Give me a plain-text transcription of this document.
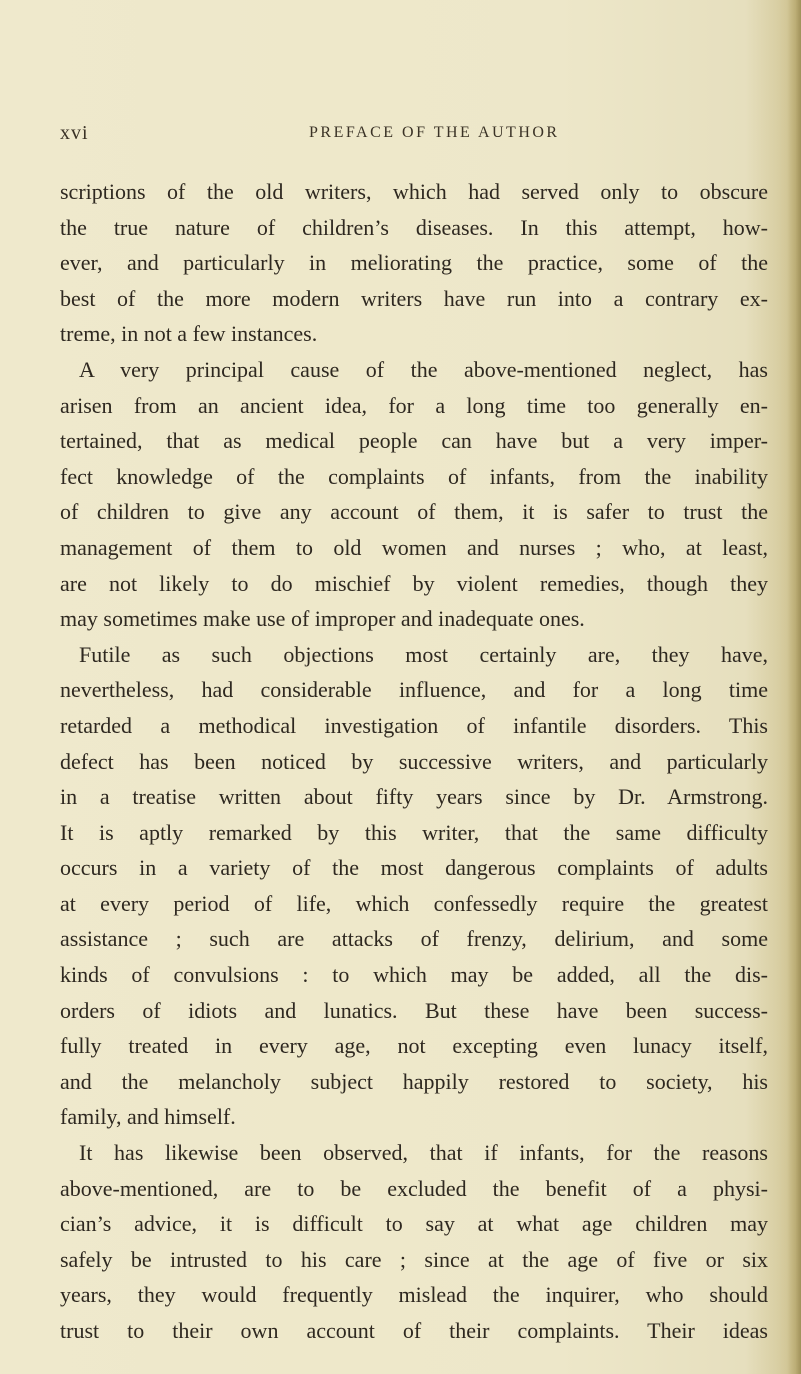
xvi	PREFACE OF THE AUTHOR
scriptions of the old writers, which had served only to obscure
the true nature of children’s diseases. In this attempt, how-
ever, and particularly in meliorating the practice, some of the
best of the more modern writers have run into a contrary ex-
treme, in not a few instances.
A very principal cause of the above-mentioned neglect, has
arisen from an ancient idea, for a long time too generally en-
tertained, that as medical people can have but a very imper-
fect knowledge of the complaints of infants, from the inability
of children to give any account of them, it is safer to trust the
management of them to old women and nurses ; who, at least,
are not likely to do mischief by violent remedies, though they
may sometimes make use of improper and inadequate ones.
Futile as such objections most certainly are, they have,
nevertheless, had considerable influence, and for a long time
retarded a methodical investigation of infantile disorders. This
defect has been noticed by successive writers, and particularly
in a treatise written about fifty years since by Dr. Armstrong.
It is aptly remarked by this writer, that the same difficulty
occurs in a variety of the most dangerous complaints of adults
at every period of life, which confessedly require the greatest
assistance ; such are attacks of frenzy, delirium, and some
kinds of convulsions : to which may be added, all the dis-
orders of idiots and lunatics. But these have been success-
fully treated in every age, not excepting even lunacy itself,
and the melancholy subject happily restored to society, his
family, and himself.
It has likewise been observed, that if infants, for the reasons
above-mentioned, are to be excluded the benefit of a physi-
cian’s advice, it is difficult to say at what age children may
safely be intrusted to his care ; since at the age of five or six
years, they would frequently mislead the inquirer, who should
trust to their own account of their complaints. Their ideas
